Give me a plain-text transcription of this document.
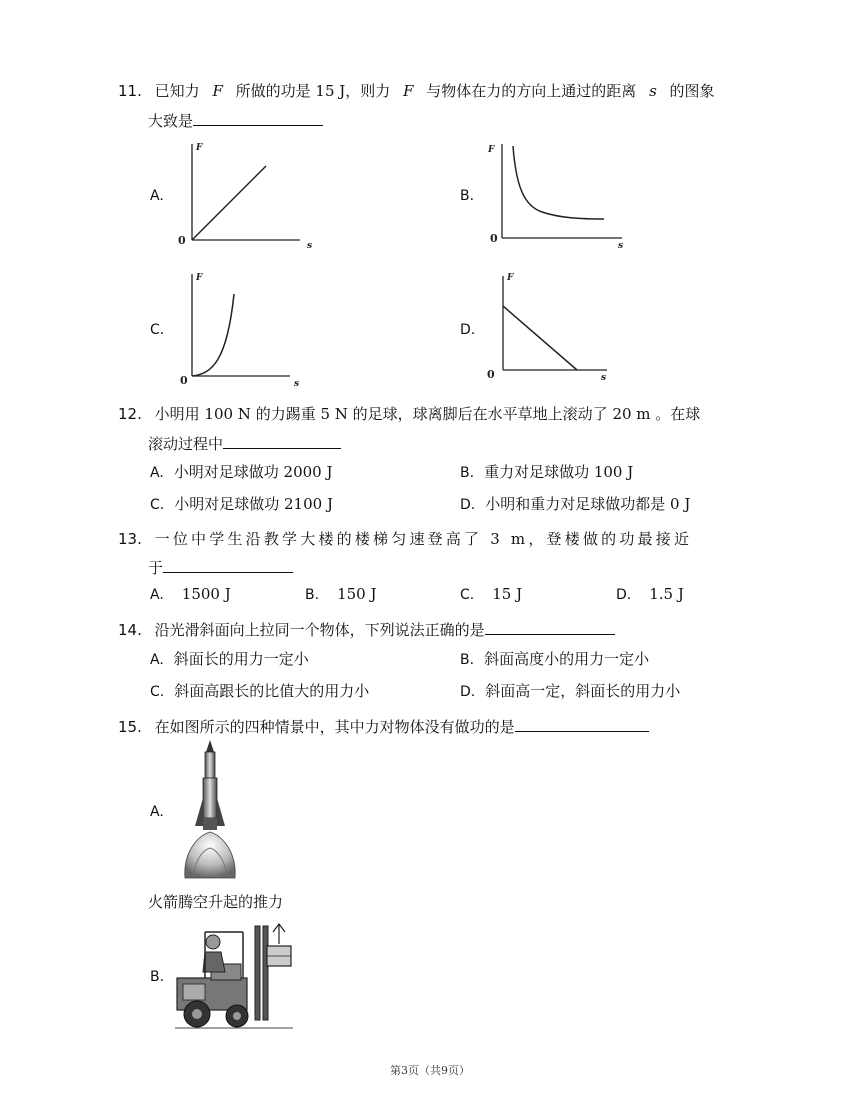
11. 已知力 F 所做的功是 15 J，则力 F 与物体在力的方向上通过的距离 s 的图象
大致是
A.	B.
C.	D.
F
s
0
F
s
0
F
s
0
F
s
0
12. 小明用 100 N 的力踢重 5 N 的足球，球离脚后在水平草地上滚动了 20 m 。在球
滚动过程中
A. 小明对足球做功 2000 J	B. 重力对足球做功 100 J
C. 小明对足球做功 2100 J	D. 小明和重力对足球做功都是 0 J
13. 一位中学生沿教学大楼的楼梯匀速登高了 3 m，登楼做的功最接近
于
A. 1500 J	B. 150 J	C. 15 J	D. 1.5 J
14. 沿光滑斜面向上拉同一个物体，下列说法正确的是
A. 斜面长的用力一定小	B. 斜面高度小的用力一定小
C. 斜面高跟长的比值大的用力小	D. 斜面高一定，斜面长的用力小
15. 在如图所示的四种情景中，其中力对物体没有做功的是
A.
火箭腾空升起的推力
B.
第3页（共9页）
